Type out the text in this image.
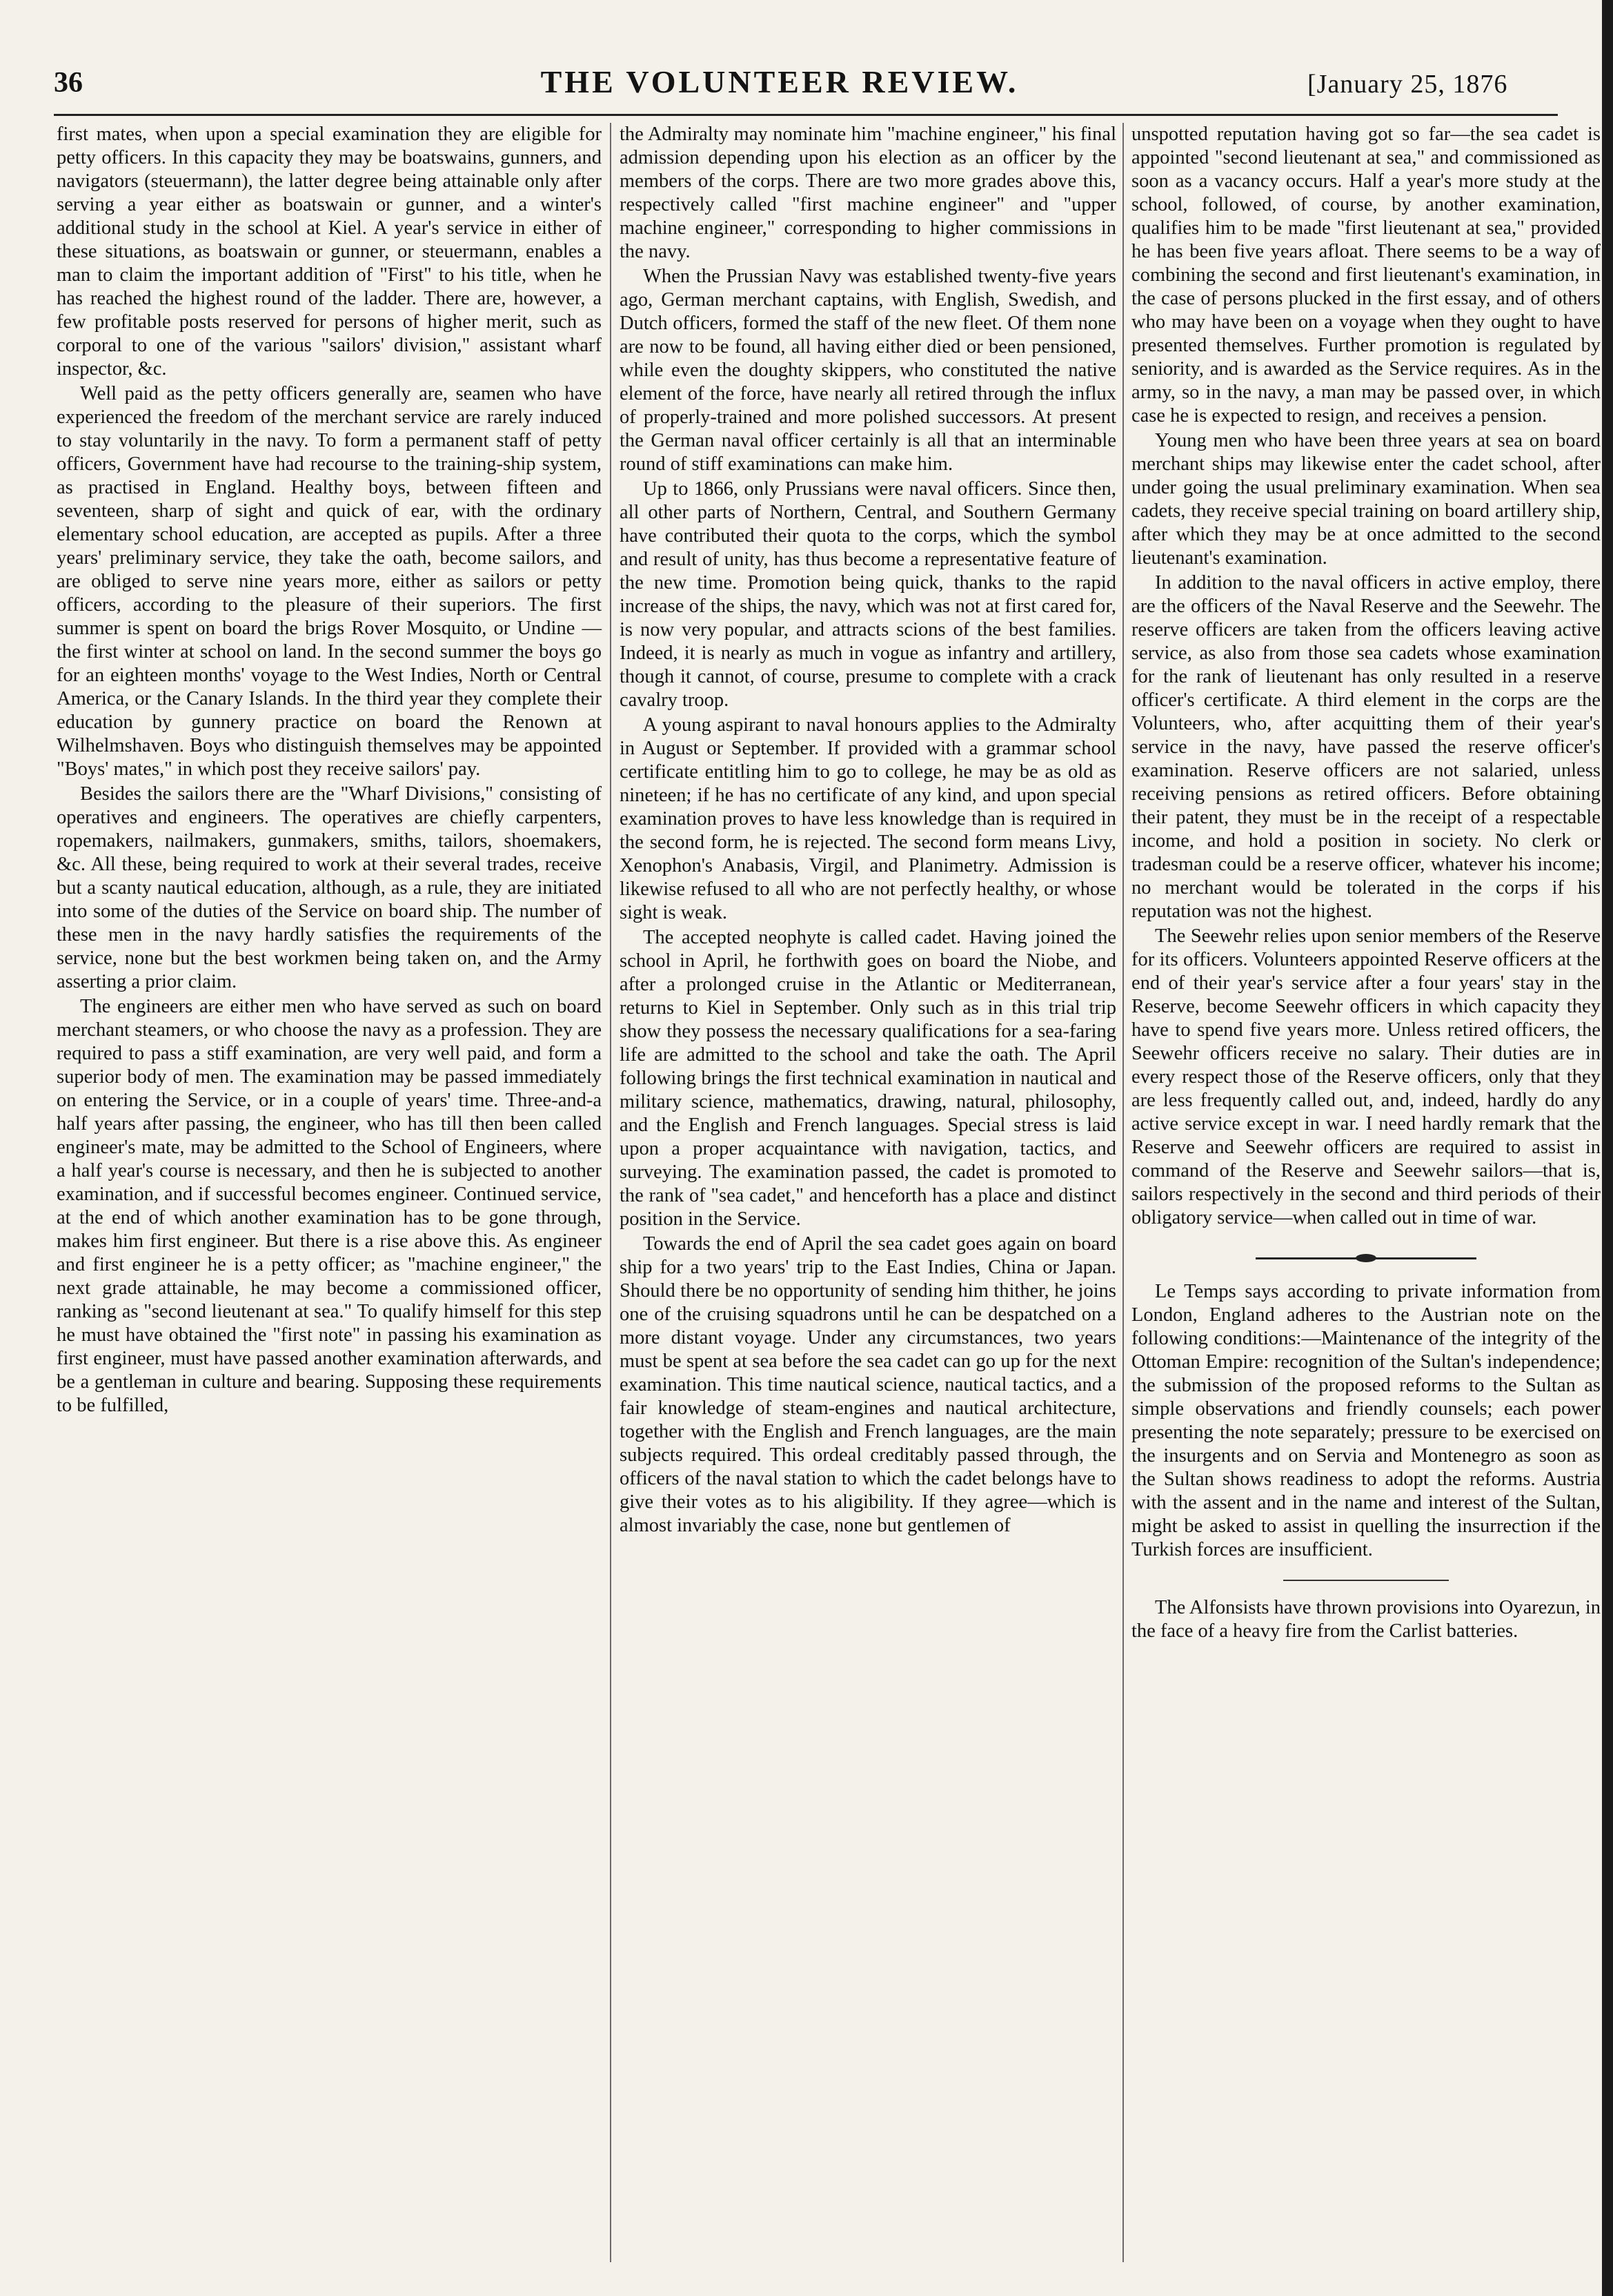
36	THE VOLUNTEER REVIEW.	[January 25, 1876

first mates, when upon a special examination they are eligible for petty officers. In this capacity they may be boatswains, gunners, and navigators (steuermann), the latter degree being attainable only after serving a year either as boatswain or gunner, and a winter's additional study in the school at Kiel. A year's service in either of these situations, as boatswain or gunner, or steuermann, enables a man to claim the important addition of "First" to his title, when he has reached the highest round of the ladder. There are, however, a few profitable posts reserved for persons of higher merit, such as corporal to one of the various "sailors' division," assistant wharf inspector, &c.

Well paid as the petty officers generally are, seamen who have experienced the freedom of the merchant service are rarely induced to stay voluntarily in the navy. To form a permanent staff of petty officers, Government have had recourse to the training-ship system, as practised in England. Healthy boys, between fifteen and seventeen, sharp of sight and quick of ear, with the ordinary elementary school education, are accepted as pupils. After a three years' preliminary service, they take the oath, become sailors, and are obliged to serve nine years more, either as sailors or petty officers, according to the pleasure of their superiors. The first summer is spent on board the brigs Rover Mosquito, or Undine —the first winter at school on land. In the second summer the boys go for an eighteen months' voyage to the West Indies, North or Central America, or the Canary Islands. In the third year they complete their education by gunnery practice on board the Renown at Wilhelmshaven. Boys who distinguish themselves may be appointed "Boys' mates," in which post they receive sailors' pay.

Besides the sailors there are the "Wharf Divisions," consisting of operatives and engineers. The operatives are chiefly carpenters, ropemakers, nailmakers, gunmakers, smiths, tailors, shoemakers, &c. All these, being required to work at their several trades, receive but a scanty nautical education, although, as a rule, they are initiated into some of the duties of the Service on board ship. The number of these men in the navy hardly satisfies the requirements of the service, none but the best workmen being taken on, and the Army asserting a prior claim.

The engineers are either men who have served as such on board merchant steamers, or who choose the navy as a profession. They are required to pass a stiff examination, are very well paid, and form a superior body of men. The examination may be passed immediately on entering the Service, or in a couple of years' time. Three-and-a half years after passing, the engineer, who has till then been called engineer's mate, may be admitted to the School of Engineers, where a half year's course is necessary, and then he is subjected to another examination, and if successful becomes engineer. Continued service, at the end of which another examination has to be gone through, makes him first engineer. But there is a rise above this. As engineer and first engineer he is a petty officer; as "machine engineer," the next grade attainable, he may become a commissioned officer, ranking as "second lieutenant at sea." To qualify himself for this step he must have obtained the "first note" in passing his examination as first engineer, must have passed another examination afterwards, and be a gentleman in culture and bearing. Supposing these requirements to be fulfilled,

the Admiralty may nominate him "machine engineer," his final admission depending upon his election as an officer by the members of the corps. There are two more grades above this, respectively called "first machine engineer" and "upper machine engineer," corresponding to higher commissions in the navy.

When the Prussian Navy was established twenty-five years ago, German merchant captains, with English, Swedish, and Dutch officers, formed the staff of the new fleet. Of them none are now to be found, all having either died or been pensioned, while even the doughty skippers, who constituted the native element of the force, have nearly all retired through the influx of properly-trained and more polished successors. At present the German naval officer certainly is all that an interminable round of stiff examinations can make him.

Up to 1866, only Prussians were naval officers. Since then, all other parts of Northern, Central, and Southern Germany have contributed their quota to the corps, which the symbol and result of unity, has thus become a representative feature of the new time. Promotion being quick, thanks to the rapid increase of the ships, the navy, which was not at first cared for, is now very popular, and attracts scions of the best families. Indeed, it is nearly as much in vogue as infantry and artillery, though it cannot, of course, presume to complete with a crack cavalry troop.

A young aspirant to naval honours applies to the Admiralty in August or September. If provided with a grammar school certificate entitling him to go to college, he may be as old as nineteen; if he has no certificate of any kind, and upon special examination proves to have less knowledge than is required in the second form, he is rejected. The second form means Livy, Xenophon's Anabasis, Virgil, and Planimetry. Admission is likewise refused to all who are not perfectly healthy, or whose sight is weak.

The accepted neophyte is called cadet. Having joined the school in April, he forthwith goes on board the Niobe, and after a prolonged cruise in the Atlantic or Mediterranean, returns to Kiel in September. Only such as in this trial trip show they possess the necessary qualifications for a sea-faring life are admitted to the school and take the oath. The April following brings the first technical examination in nautical and military science, mathematics, drawing, natural, philosophy, and the English and French languages. Special stress is laid upon a proper acquaintance with navigation, tactics, and surveying. The examination passed, the cadet is promoted to the rank of "sea cadet," and henceforth has a place and distinct position in the Service.

Towards the end of April the sea cadet goes again on board ship for a two years' trip to the East Indies, China or Japan. Should there be no opportunity of sending him thither, he joins one of the cruising squadrons until he can be despatched on a more distant voyage. Under any circumstances, two years must be spent at sea before the sea cadet can go up for the next examination. This time nautical science, nautical tactics, and a fair knowledge of steam-engines and nautical architecture, together with the English and French languages, are the main subjects required. This ordeal creditably passed through, the officers of the naval station to which the cadet belongs have to give their votes as to his aligibility. If they agree—which is almost invariably the case, none but gentlemen of

unspotted reputation having got so far—the sea cadet is appointed "second lieutenant at sea," and commissioned as soon as a vacancy occurs. Half a year's more study at the school, followed, of course, by another examination, qualifies him to be made "first lieutenant at sea," provided he has been five years afloat. There seems to be a way of combining the second and first lieutenant's examination, in the case of persons plucked in the first essay, and of others who may have been on a voyage when they ought to have presented themselves. Further promotion is regulated by seniority, and is awarded as the Service requires. As in the army, so in the navy, a man may be passed over, in which case he is expected to resign, and receives a pension.

Young men who have been three years at sea on board merchant ships may likewise enter the cadet school, after under going the usual preliminary examination. When sea cadets, they receive special training on board artillery ship, after which they may be at once admitted to the second lieutenant's examination.

In addition to the naval officers in active employ, there are the officers of the Naval Reserve and the Seewehr. The reserve officers are taken from the officers leaving active service, as also from those sea cadets whose examination for the rank of lieutenant has only resulted in a reserve officer's certificate. A third element in the corps are the Volunteers, who, after acquitting them of their year's service in the navy, have passed the reserve officer's examination. Reserve officers are not salaried, unless receiving pensions as retired officers. Before obtaining their patent, they must be in the receipt of a respectable income, and hold a position in society. No clerk or tradesman could be a reserve officer, whatever his income; no merchant would be tolerated in the corps if his reputation was not the highest.

The Seewehr relies upon senior members of the Reserve for its officers. Volunteers appointed Reserve officers at the end of their year's service after a four years' stay in the Reserve, become Seewehr officers in which capacity they have to spend five years more. Unless retired officers, the Seewehr officers receive no salary. Their duties are in every respect those of the Reserve officers, only that they are less frequently called out, and, indeed, hardly do any active service except in war. I need hardly remark that the Reserve and Seewehr officers are required to assist in command of the Reserve and Seewehr sailors—that is, sailors respectively in the second and third periods of their obligatory service—when called out in time of war.

Le Temps says according to private information from London, England adheres to the Austrian note on the following conditions:—Maintenance of the integrity of the Ottoman Empire: recognition of the Sultan's independence; the submission of the proposed reforms to the Sultan as simple observations and friendly counsels; each power presenting the note separately; pressure to be exercised on the insurgents and on Servia and Montenegro as soon as the Sultan shows readiness to adopt the reforms. Austria with the assent and in the name and interest of the Sultan, might be asked to assist in quelling the insurrection if the Turkish forces are insufficient.

The Alfonsists have thrown provisions into Oyarezun, in the face of a heavy fire from the Carlist batteries.
